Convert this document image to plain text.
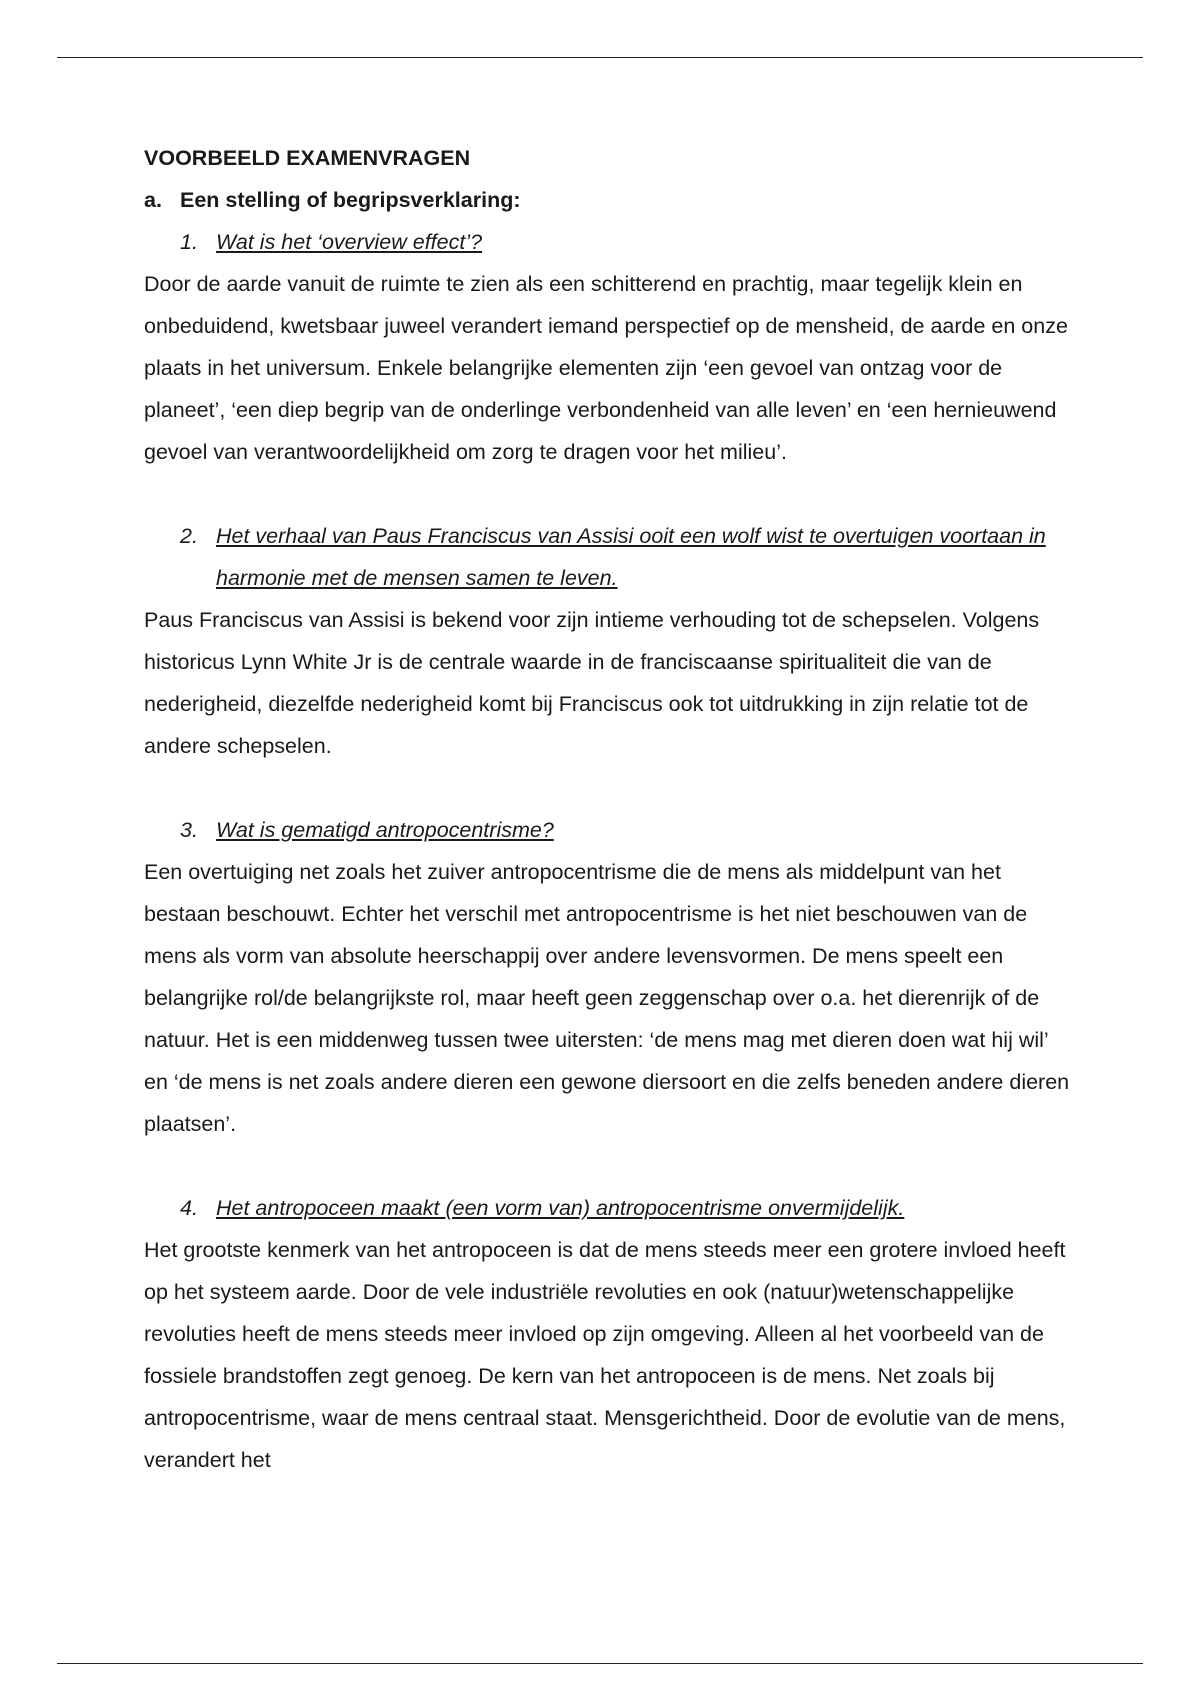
VOORBEELD EXAMENVRAGEN

a. Een stelling of begripsverklaring:

1. Wat is het ‘overview effect’?

Door de aarde vanuit de ruimte te zien als een schitterend en prachtig, maar tegelijk klein en onbeduidend, kwetsbaar juweel verandert iemand perspectief op de mensheid, de aarde en onze plaats in het universum. Enkele belangrijke elementen zijn ‘een gevoel van ontzag voor de planeet’, ‘een diep begrip van de onderlinge verbondenheid van alle leven’ en ‘een hernieuwend gevoel van verantwoordelijkheid om zorg te dragen voor het milieu’.

2. Het verhaal van Paus Franciscus van Assisi ooit een wolf wist te overtuigen voortaan in harmonie met de mensen samen te leven.

Paus Franciscus van Assisi is bekend voor zijn intieme verhouding tot de schepselen. Volgens historicus Lynn White Jr is de centrale waarde in de franciscaanse spiritualiteit die van de nederigheid, diezelfde nederigheid komt bij Franciscus ook tot uitdrukking in zijn relatie tot de andere schepselen.

3. Wat is gematigd antropocentrisme?

Een overtuiging net zoals het zuiver antropocentrisme die de mens als middelpunt van het bestaan beschouwt. Echter het verschil met antropocentrisme is het niet beschouwen van de mens als vorm van absolute heerschappij over andere levensvormen. De mens speelt een belangrijke rol/de belangrijkste rol, maar heeft geen zeggenschap over o.a. het dierenrijk of de natuur. Het is een middenweg tussen twee uitersten: ‘de mens mag met dieren doen wat hij wil’ en ‘de mens is net zoals andere dieren een gewone diersoort en die zelfs beneden andere dieren plaatsen’.

4. Het antropoceen maakt (een vorm van) antropocentrisme onvermijdelijk.

Het grootste kenmerk van het antropoceen is dat de mens steeds meer een grotere invloed heeft op het systeem aarde. Door de vele industriële revoluties en ook (natuur)wetenschappelijke revoluties heeft de mens steeds meer invloed op zijn omgeving. Alleen al het voorbeeld van de fossiele brandstoffen zegt genoeg. De kern van het antropoceen is de mens. Net zoals bij antropocentrisme, waar de mens centraal staat. Mensgerichtheid. Door de evolutie van de mens, verandert het
